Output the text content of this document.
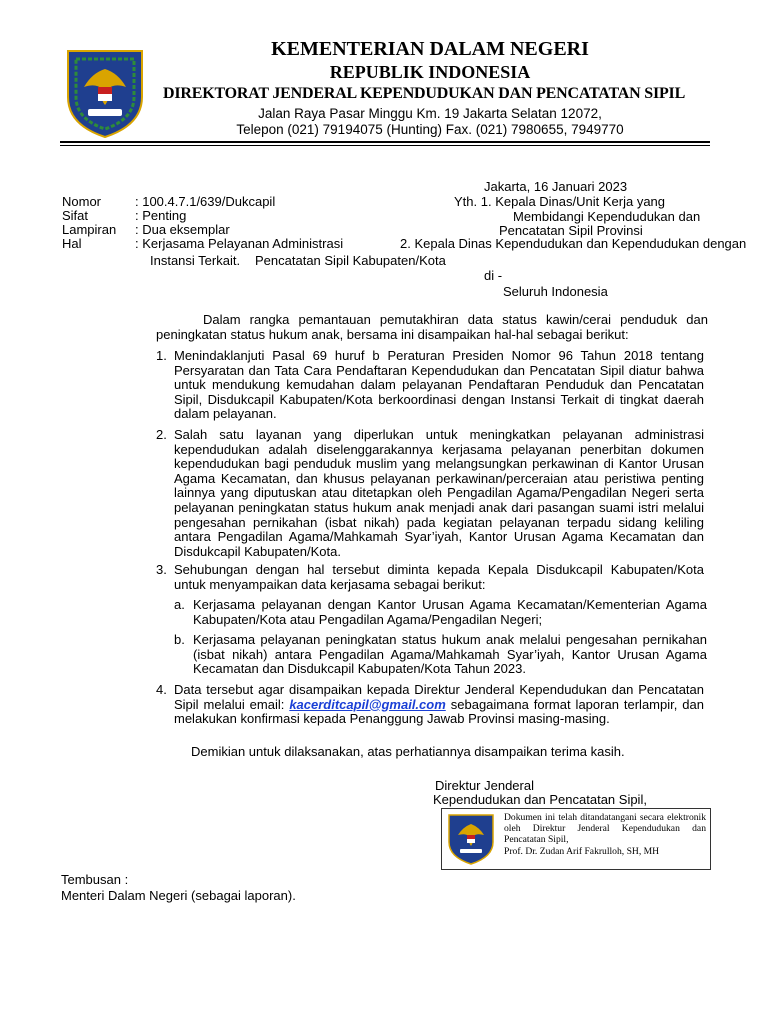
KEMENTERIAN DALAM NEGERI
REPUBLIK INDONESIA
DIREKTORAT JENDERAL KEPENDUDUKAN DAN PENCATATAN SIPIL
Jalan Raya Pasar Minggu Km. 19 Jakarta Selatan 12072,
Telepon (021) 79194075 (Hunting) Fax. (021) 7980655, 7949770
Jakarta, 16 Januari 2023
Yth. 1. Kepala Dinas/Unit Kerja yang
Membidangi Kependudukan dan
Pencatatan Sipil Provinsi
2. Kepala Dinas Kependudukan dan Kependudukan dengan
Pencatatan Sipil Kabupaten/Kota
di -
Seluruh Indonesia
Nomor	: 100.4.7.1/639/Dukcapil
Sifat	: Penting
Lampiran : Dua eksemplar
Hal	: Kerjasama Pelayanan Administrasi
Instansi Terkait.
Dalam rangka pemantauan pemutakhiran data status kawin/cerai penduduk dan peningkatan status hukum anak, bersama ini disampaikan hal-hal sebagai berikut:
1. Menindaklanjuti Pasal 69 huruf b Peraturan Presiden Nomor 96 Tahun 2018 tentang Persyaratan dan Tata Cara Pendaftaran Kependudukan dan Pencatatan Sipil diatur bahwa untuk mendukung kemudahan dalam pelayanan Pendaftaran Penduduk dan Pencatatan Sipil, Disdukcapil Kabupaten/Kota berkoordinasi dengan Instansi Terkait di tingkat daerah dalam pelayanan.
2. Salah satu layanan yang diperlukan untuk meningkatkan pelayanan administrasi kependudukan adalah diselenggarakannya kerjasama pelayanan penerbitan dokumen kependudukan bagi penduduk muslim yang melangsungkan perkawinan di Kantor Urusan Agama Kecamatan, dan khusus pelayanan perkawinan/perceraian atau peristiwa penting lainnya yang diputuskan atau ditetapkan oleh Pengadilan Agama/Pengadilan Negeri serta pelayanan peningkatan status hukum anak menjadi anak dari pasangan suami istri melalui pengesahan pernikahan (isbat nikah) pada kegiatan pelayanan terpadu sidang keliling antara Pengadilan Agama/Mahkamah Syar’iyah, Kantor Urusan Agama Kecamatan dan Disdukcapil Kabupaten/Kota.
3. Sehubungan dengan hal tersebut diminta kepada Kepala Disdukcapil Kabupaten/Kota untuk menyampaikan data kerjasama sebagai berikut:
a. Kerjasama pelayanan dengan Kantor Urusan Agama Kecamatan/Kementerian Agama Kabupaten/Kota atau Pengadilan Agama/Pengadilan Negeri;
b. Kerjasama pelayanan peningkatan status hukum anak melalui pengesahan pernikahan (isbat nikah) antara Pengadilan Agama/Mahkamah Syar’iyah, Kantor Urusan Agama Kecamatan dan Disdukcapil Kabupaten/Kota Tahun 2023.
4. Data tersebut agar disampaikan kepada Direktur Jenderal Kependudukan dan Pencatatan Sipil melalui email: kacerditcapil@gmail.com sebagaimana format laporan terlampir, dan melakukan konfirmasi kepada Penanggung Jawab Provinsi masing-masing.
Demikian untuk dilaksanakan, atas perhatiannya disampaikan terima kasih.
Direktur Jenderal
Kependudukan dan Pencatatan Sipil,
Dokumen ini telah ditandatangani secara elektronik oleh Direktur Jenderal Kependudukan dan Pencatatan Sipil,
Prof. Dr. Zudan Arif Fakrulloh, SH, MH
Tembusan :
Menteri Dalam Negeri (sebagai laporan).
